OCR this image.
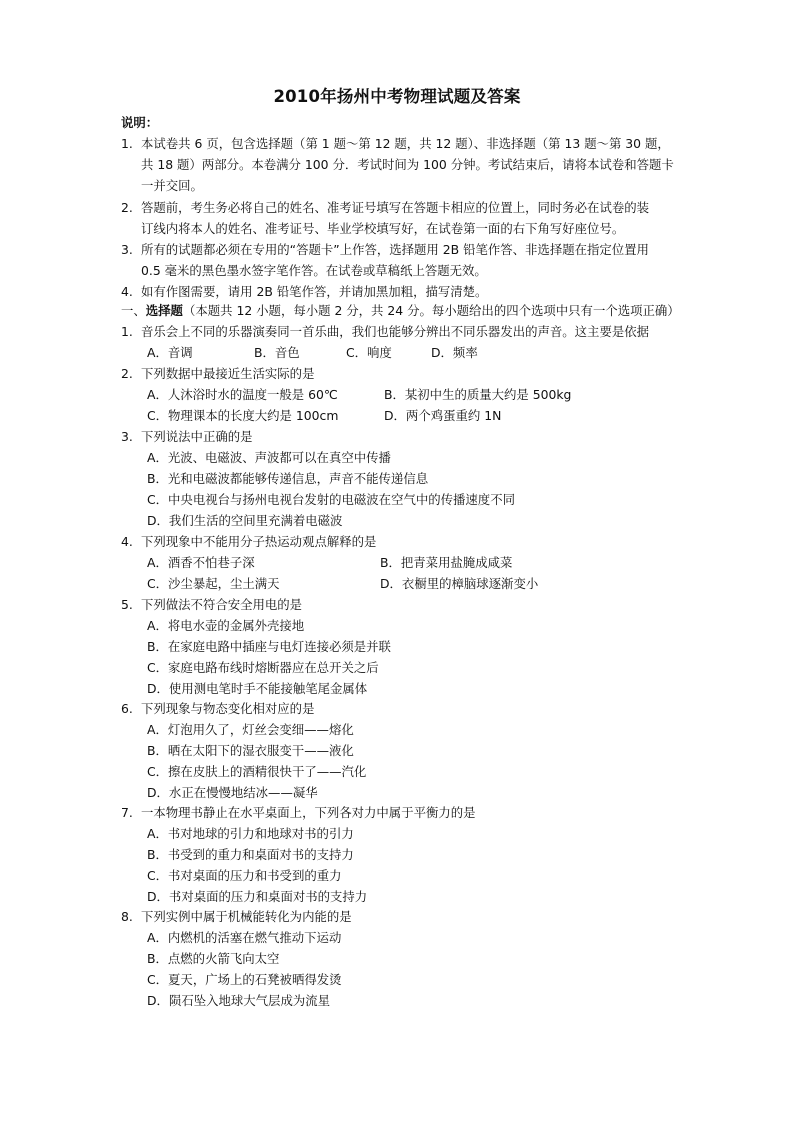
2010年扬州中考物理试题及答案
说明：
1. 本试卷共 6 页，包含选择题（第 1 题～第 12 题，共 12 题）、非选择题（第 13 题～第 30 题，
共 18 题）两部分。本卷满分 100 分．考试时间为 100 分钟。考试结束后，请将本试卷和答题卡
一并交回。
2. 答题前，考生务必将自己的姓名、准考证号填写在答题卡相应的位置上，同时务必在试卷的装
订线内将本人的姓名、准考证号、毕业学校填写好，在试卷第一面的右下角写好座位号。
3. 所有的试题都必须在专用的“答题卡”上作答，选择题用 2B 铅笔作答、非选择题在指定位置用
0.5 毫米的黑色墨水签字笔作答。在试卷或草稿纸上答题无效。
4. 如有作图需要，请用 2B 铅笔作答，并请加黑加粗，描写清楚。
一、选择题（本题共 12 小题，每小题 2 分，共 24 分。每小题给出的四个选项中只有一个选项正确）
1. 音乐会上不同的乐器演奏同一首乐曲，我们也能够分辨出不同乐器发出的声音。这主要是依据
A．音调	B．音色	C．响度	D．频率
2. 下列数据中最接近生活实际的是
A．人沐浴时水的温度一般是 60℃	B．某初中生的质量大约是 500kg
C．物理课本的长度大约是 100cm	D．两个鸡蛋重约 1N
3. 下列说法中正确的是
A．光波、电磁波、声波都可以在真空中传播
B．光和电磁波都能够传递信息，声音不能传递信息
C．中央电视台与扬州电视台发射的电磁波在空气中的传播速度不同
D．我们生活的空间里充满着电磁波
4. 下列现象中不能用分子热运动观点解释的是
A．酒香不怕巷子深	B．把青菜用盐腌成咸菜
C．沙尘暴起，尘土满天	D．衣橱里的樟脑球逐渐变小
5. 下列做法不符合安全用电的是
A．将电水壶的金属外壳接地
B．在家庭电路中插座与电灯连接必须是并联
C．家庭电路布线时熔断器应在总开关之后
D．使用测电笔时手不能接触笔尾金属体
6. 下列现象与物态变化相对应的是
A．灯泡用久了，灯丝会变细——熔化
B．晒在太阳下的湿衣服变干——液化
C．擦在皮肤上的酒精很快干了——汽化
D．水正在慢慢地结冰——凝华
7. 一本物理书静止在水平桌面上，下列各对力中属于平衡力的是
A．书对地球的引力和地球对书的引力
B．书受到的重力和桌面对书的支持力
C．书对桌面的压力和书受到的重力
D．书对桌面的压力和桌面对书的支持力
8. 下列实例中属于机械能转化为内能的是
A．内燃机的活塞在燃气推动下运动
B．点燃的火箭飞向太空
C．夏天，广场上的石凳被晒得发烫
D．陨石坠入地球大气层成为流星
